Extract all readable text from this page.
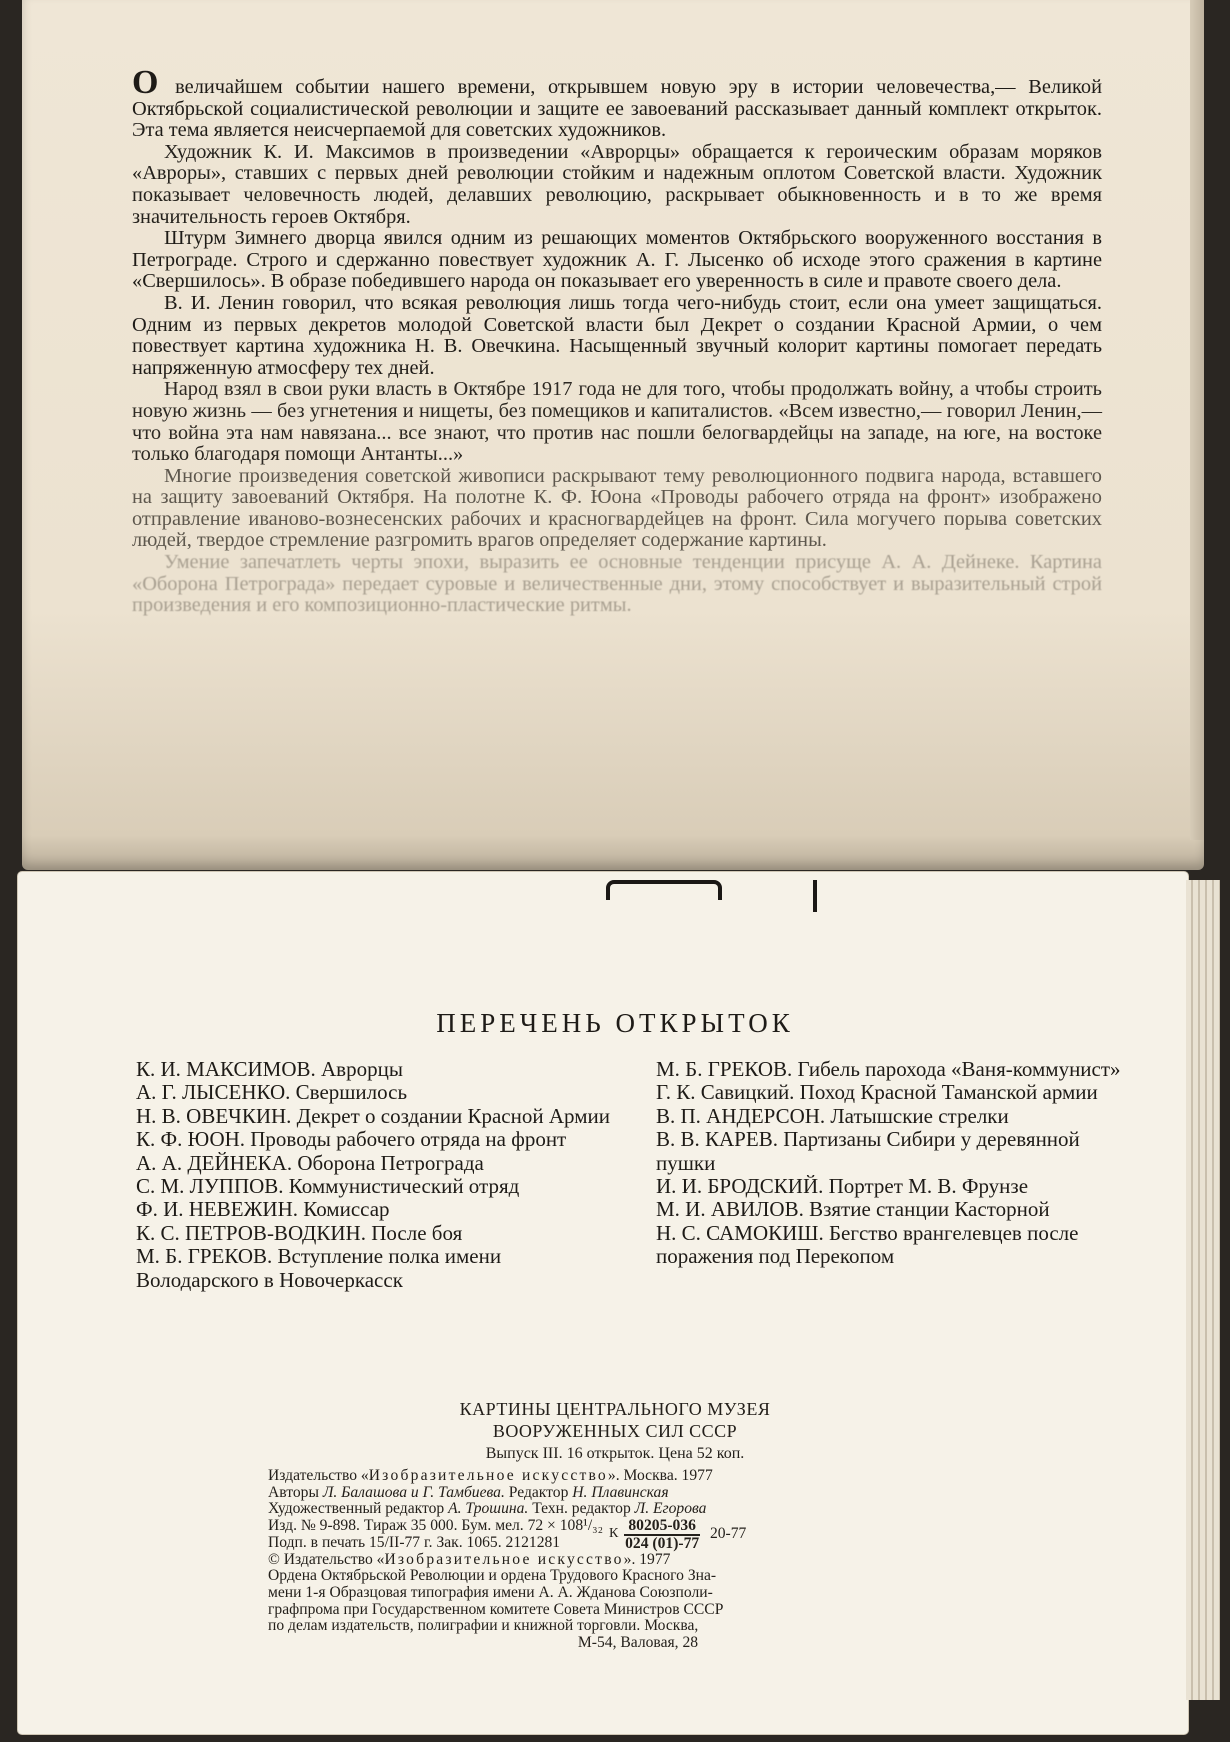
О величайшем событии нашего времени, открывшем новую эру в истории человечества,— Великой Октябрьской социалистической революции и защите ее завоеваний рассказывает данный комплект открыток. Эта тема является неисчерпаемой для советских художников.

Художник К. И. Максимов в произведении «Аврорцы» обращается к героическим образам моряков «Авроры», ставших с первых дней революции стойким и надежным оплотом Советской власти. Художник показывает человечность людей, делавших революцию, раскрывает обыкновенность и в то же время значительность героев Октября.

Штурм Зимнего дворца явился одним из решающих моментов Октябрьского вооруженного восстания в Петрограде. Строго и сдержанно повествует художник А. Г. Лысенко об исходе этого сражения в картине «Свершилось». В образе победившего народа он показывает его уверенность в силе и правоте своего дела.

В. И. Ленин говорил, что всякая революция лишь тогда чего-нибудь стоит, если она умеет защищаться. Одним из первых декретов молодой Советской власти был Декрет о создании Красной Армии, о чем повествует картина художника Н. В. Овечкина. Насыщенный звучный колорит картины помогает передать напряженную атмосферу тех дней.

Народ взял в свои руки власть в Октябре 1917 года не для того, чтобы продолжать войну, а чтобы строить новую жизнь — без угнетения и нищеты, без помещиков и капиталистов. «Всем известно,— говорил Ленин,— что война эта нам навязана... все знают, что против нас пошли белогвардейцы на западе, на юге, на востоке только благодаря помощи Антанты...»

Многие произведения советской живописи раскрывают тему революционного подвига народа, вставшего на защиту завоеваний Октября. На полотне К. Ф. Юона «Проводы рабочего отряда на фронт» изображено отправление иваново-вознесенских рабочих и красногвардейцев на фронт. Сила могучего порыва советских людей, твердое стремление разгромить врагов определяет содержание картины.

Умение запечатлеть черты эпохи, выразить ее основные тенденции присуще А. А. Дейнеке. Картина «Оборона Петрограда» передает суровые и величественные дни, этому способствует и выразительный строй произведения и его композиционно-пластические ритмы.

ПЕРЕЧЕНЬ ОТКРЫТОК

К. И. МАКСИМОВ. Аврорцы

А. Г. ЛЫСЕНКО. Свершилось

Н. В. ОВЕЧКИН. Декрет о создании Красной Армии

К. Ф. ЮОН. Проводы рабочего отряда на фронт

А. А. ДЕЙНЕКА. Оборона Петрограда

С. М. ЛУППОВ. Коммунистический отряд

Ф. И. НЕВЕЖИН. Комиссар

К. С. ПЕТРОВ-ВОДКИН. После боя

М. Б. ГРЕКОВ. Вступление полка имени Володарского в Новочеркасск

М. Б. ГРЕКОВ. Гибель парохода «Ваня-коммунист»

Г. К. Савицкий. Поход Красной Таманской армии

В. П. АНДЕРСОН. Латышские стрелки

В. В. КАРЕВ. Партизаны Сибири у деревянной пушки

И. И. БРОДСКИЙ. Портрет М. В. Фрунзе

М. И. АВИЛОВ. Взятие станции Касторной

Н. С. САМОКИШ. Бегство врангелевцев после поражения под Перекопом

КАРТИНЫ ЦЕНТРАЛЬНОГО МУЗЕЯ
ВООРУЖЕННЫХ СИЛ СССР
Выпуск III. 16 открыток. Цена 52 коп.
Издательство «Изобразительное искусство». Москва. 1977
Авторы Л. Балашова и Г. Тамбиева. Редактор Н. Плавинская
Художественный редактор А. Трошина. Техн. редактор Л. Егорова
Изд. № 9-898. Тираж 35 000. Бум. мел. 72 × 108¹/₃₂
Подп. в печать 15/II-77 г. Зак. 1065. 2121281	К $\frac{80205-036}{024 (01)-77} 20-77$
© Издательство «Изобразительное искусство». 1977
Ордена Октябрьской Революции и ордена Трудового Красного Зна-
мени 1-я Образцовая типография имени А. А. Жданова Союзполи-
графпрома при Государственном комитете Совета Министров СССР
по делам издательств, полиграфии и книжной торговли. Москва,
М-54, Валовая, 28
